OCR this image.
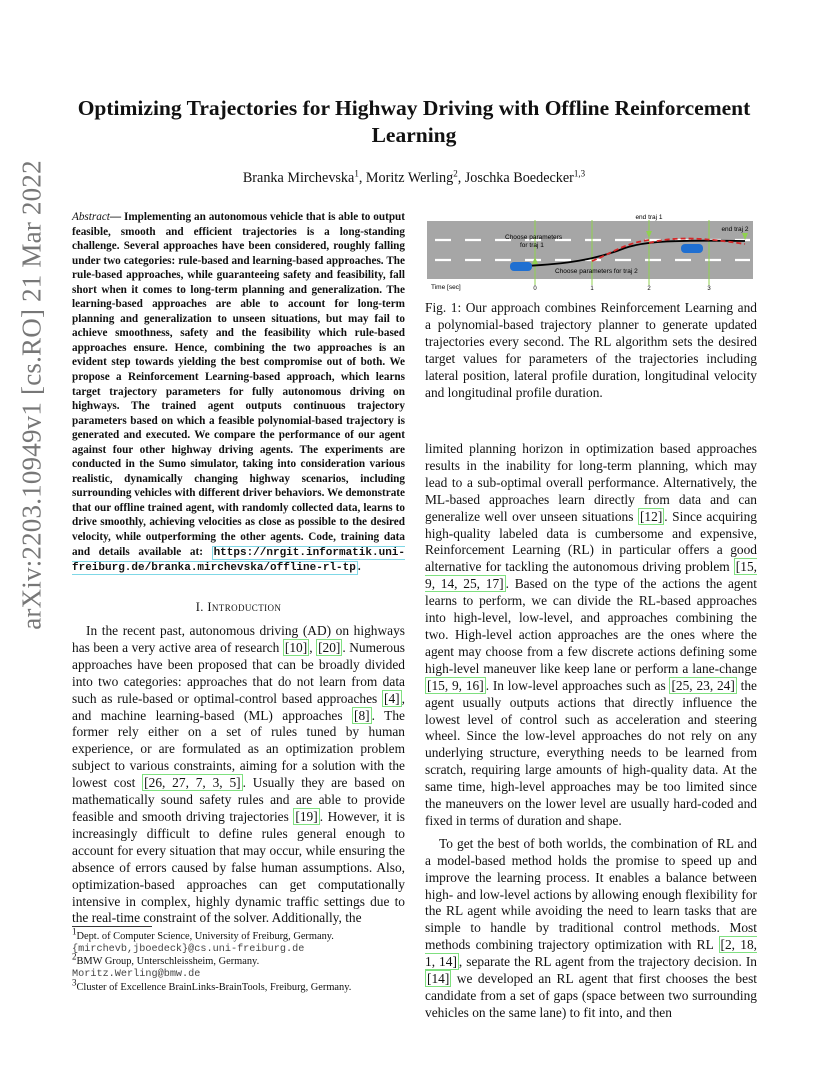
Optimizing Trajectories for Highway Driving with Offline Reinforcement Learning
Branka Mirchevska$^1$, Moritz Werling$^2$, Joschka Boedecker$^{1,3}$
arXiv:2203.10949v1 [cs.RO] 21 Mar 2022 Abstract— Implementing an autonomous vehicle that is able to output feasible, smooth and efficient trajectories is a long-standing challenge. Several approaches have been considered, roughly falling under two categories: rule-based and learning-based approaches. The rule-based approaches, while guaranteeing safety and feasibility, fall short when it comes to long-term planning and generalization. The learning-based approaches are able to account for long-term planning and generalization to unseen situations, but may fail to achieve smoothness, safety and the feasibility which rule-based approaches ensure. Hence, combining the two approaches is an evident step towards yielding the best compromise out of both. We propose a Reinforcement Learning-based approach, which learns target trajectory parameters for fully autonomous driving on highways. The trained agent outputs continuous trajectory parameters based on which a feasible polynomial-based trajectory is generated and executed. We compare the performance of our agent against four other highway driving agents. The experiments are conducted in the Sumo simulator, taking into consideration various realistic, dynamically changing highway scenarios, including surrounding vehicles with different driver behaviors. We demonstrate that our offline trained agent, with randomly collected data, learns to drive smoothly, achieving velocities as close as possible to the desired velocity, while outperforming the other agents. Code, training data and details available at: https://nrgit.informatik.uni-freiburg.de/branka.mirchevska/offline-rl-tp .
I. Introduction

In the recent past, autonomous driving (AD) on highways has been a very active area of research [10] , [20] . Numerous approaches have been proposed that can be broadly divided into two categories: approaches that do not learn from data such as rule-based or optimal-control based approaches [4] , and machine learning-based (ML) approaches [8] . The former rely either on a set of rules tuned by human experience, or are formulated as an optimization problem subject to various constraints, aiming for a solution with the lowest cost [26, 27, 7, 3, 5] . Usually they are based on mathematically sound safety rules and are able to provide feasible and smooth driving trajectories [19] . However, it is increasingly difficult to define rules general enough to account for every situation that may occur, while ensuring the absence of errors caused by false human assumptions. Also, optimization-based approaches can get computationally intensive in complex, highly dynamic traffic settings due to the real-time constraint of the solver. Additionally, the

$^1$Dept. of Computer Science, University of Freiburg, Germany.
{mirchevb,jboedeck}@cs.uni-freiburg.de
$^2$BMW Group, Unterschleissheim, Germany.
Moritz.Werling@bmw.de
$^3$Cluster of Excellence BrainLinks-BrainTools, Freiburg, Germany.
end traj 1
end traj 2
Choose parameters
for traj 1
Choose parameters for traj 2
Time [sec]	0	1	2	3
Fig. 1: Our approach combines Reinforcement Learning and a polynomial-based trajectory planner to generate updated trajectories every second. The RL algorithm sets the desired target values for parameters of the trajectories including lateral position, lateral profile duration, longitudinal velocity and longitudinal profile duration.

limited planning horizon in optimization based approaches results in the inability for long-term planning, which may lead to a sub-optimal overall performance. Alternatively, the ML-based approaches learn directly from data and can generalize well over unseen situations [12] . Since acquiring high-quality labeled data is cumbersome and expensive, Reinforcement Learning (RL) in particular offers a good alternative for tackling the autonomous driving problem [15, 9, 14, 25, 17] . Based on the type of the actions the agent learns to perform, we can divide the RL-based approaches into high-level, low-level, and approaches combining the two. High-level action approaches are the ones where the agent may choose from a few discrete actions defining some high-level maneuver like keep lane or perform a lane-change [15, 9, 16] . In low-level approaches such as [25, 23, 24] the agent usually outputs actions that directly influence the lowest level of control such as acceleration and steering wheel. Since the low-level approaches do not rely on any underlying structure, everything needs to be learned from scratch, requiring large amounts of high-quality data. At the same time, high-level approaches may be too limited since the maneuvers on the lower level are usually hard-coded and fixed in terms of duration and shape.

To get the best of both worlds, the combination of RL and a model-based method holds the promise to speed up and improve the learning process. It enables a balance between high- and low-level actions by allowing enough flexibility for the RL agent while avoiding the need to learn tasks that are simple to handle by traditional control methods. Most methods combining trajectory optimization with RL [2, 18, 1, 14] , separate the RL agent from the trajectory decision. In [14] we developed an RL agent that first chooses the best candidate from a set of gaps (space between two surrounding vehicles on the same lane) to fit into, and then
